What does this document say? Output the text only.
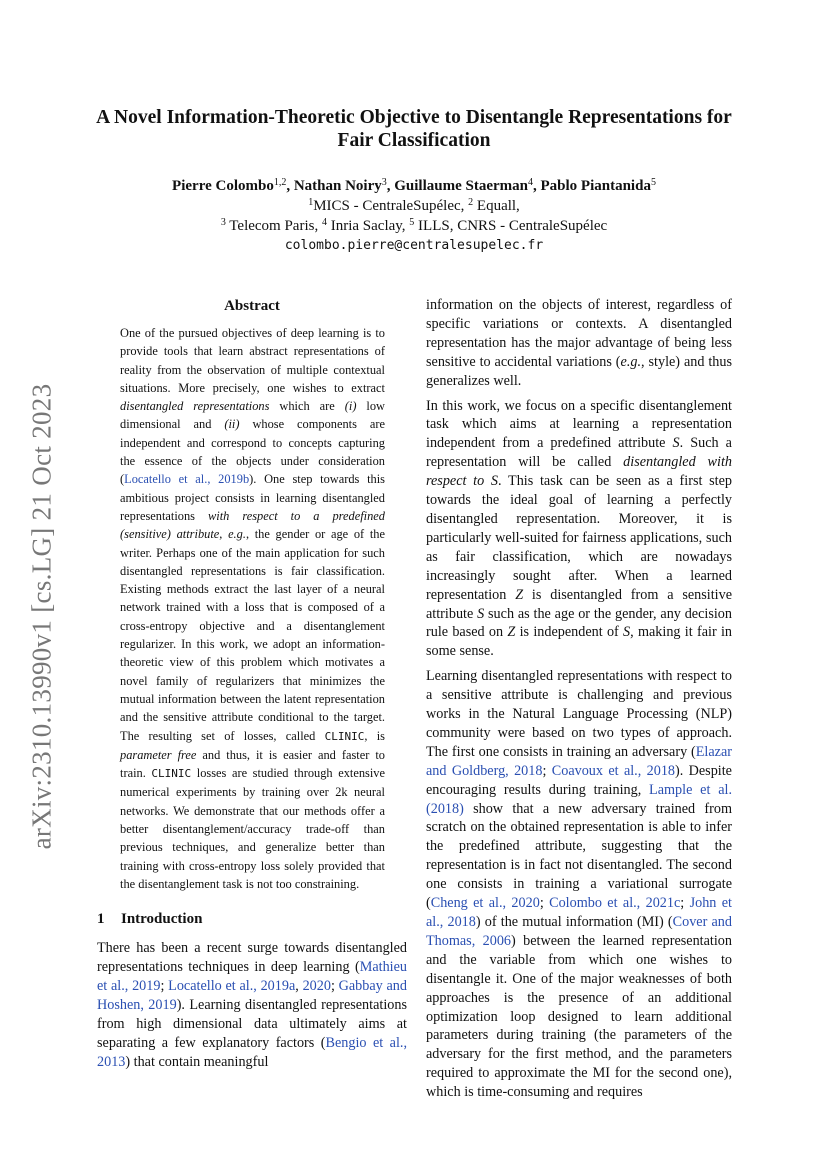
arXiv:2310.13990v1 [cs.LG] 21 Oct 2023
A Novel Information-Theoretic Objective to Disentangle Representations for Fair Classification
Pierre Colombo$^{1,2}$, Nathan Noiry$^3$, Guillaume Staerman$^4$, Pablo Piantanida$^5$
$^1$MICS - CentraleSupélec, $^2$ Equall,
$^3$ Telecom Paris, $^4$ Inria Saclay, $^5$ ILLS, CNRS - CentraleSupélec
colombo.pierre@centralesupelec.fr
Abstract
One of the pursued objectives of deep learning is to provide tools that learn abstract representations of reality from the observation of multiple contextual situations. More precisely, one wishes to extract disentangled representations which are (i) low dimensional and (ii) whose components are independent and correspond to concepts capturing the essence of the objects under consideration (Locatello et al., 2019b). One step towards this ambitious project consists in learning disentangled representations with respect to a predefined (sensitive) attribute, e.g., the gender or age of the writer. Perhaps one of the main application for such disentangled representations is fair classification. Existing methods extract the last layer of a neural network trained with a loss that is composed of a cross-entropy objective and a disentanglement regularizer. In this work, we adopt an information-theoretic view of this problem which motivates a novel family of regularizers that minimizes the mutual information between the latent representation and the sensitive attribute conditional to the target. The resulting set of losses, called CLINIC, is parameter free and thus, it is easier and faster to train. CLINIC losses are studied through extensive numerical experiments by training over 2k neural networks. We demonstrate that our methods offer a better disentanglement/accuracy trade-off than previous techniques, and generalize better than training with cross-entropy loss solely provided that the disentanglement task is not too constraining.
1 Introduction

There has been a recent surge towards disentangled representations techniques in deep learning (Mathieu et al., 2019; Locatello et al., 2019a, 2020; Gabbay and Hoshen, 2019). Learning disentangled representations from high dimensional data ultimately aims at separating a few explanatory factors (Bengio et al., 2013) that contain meaningful

information on the objects of interest, regardless of specific variations or contexts. A disentangled representation has the major advantage of being less sensitive to accidental variations (e.g., style) and thus generalizes well.

In this work, we focus on a specific disentanglement task which aims at learning a representation independent from a predefined attribute S. Such a representation will be called disentangled with respect to S. This task can be seen as a first step towards the ideal goal of learning a perfectly disentangled representation. Moreover, it is particularly well-suited for fairness applications, such as fair classification, which are nowadays increasingly sought after. When a learned representation Z is disentangled from a sensitive attribute S such as the age or the gender, any decision rule based on Z is independent of S, making it fair in some sense.

Learning disentangled representations with respect to a sensitive attribute is challenging and previous works in the Natural Language Processing (NLP) community were based on two types of approach. The first one consists in training an adversary (Elazar and Goldberg, 2018; Coavoux et al., 2018). Despite encouraging results during training, Lample et al. (2018) show that a new adversary trained from scratch on the obtained representation is able to infer the predefined attribute, suggesting that the representation is in fact not disentangled. The second one consists in training a variational surrogate (Cheng et al., 2020; Colombo et al., 2021c; John et al., 2018) of the mutual information (MI) (Cover and Thomas, 2006) between the learned representation and the variable from which one wishes to disentangle it. One of the major weaknesses of both approaches is the presence of an additional optimization loop designed to learn additional parameters during training (the parameters of the adversary for the first method, and the parameters required to approximate the MI for the second one), which is time-consuming and requires
